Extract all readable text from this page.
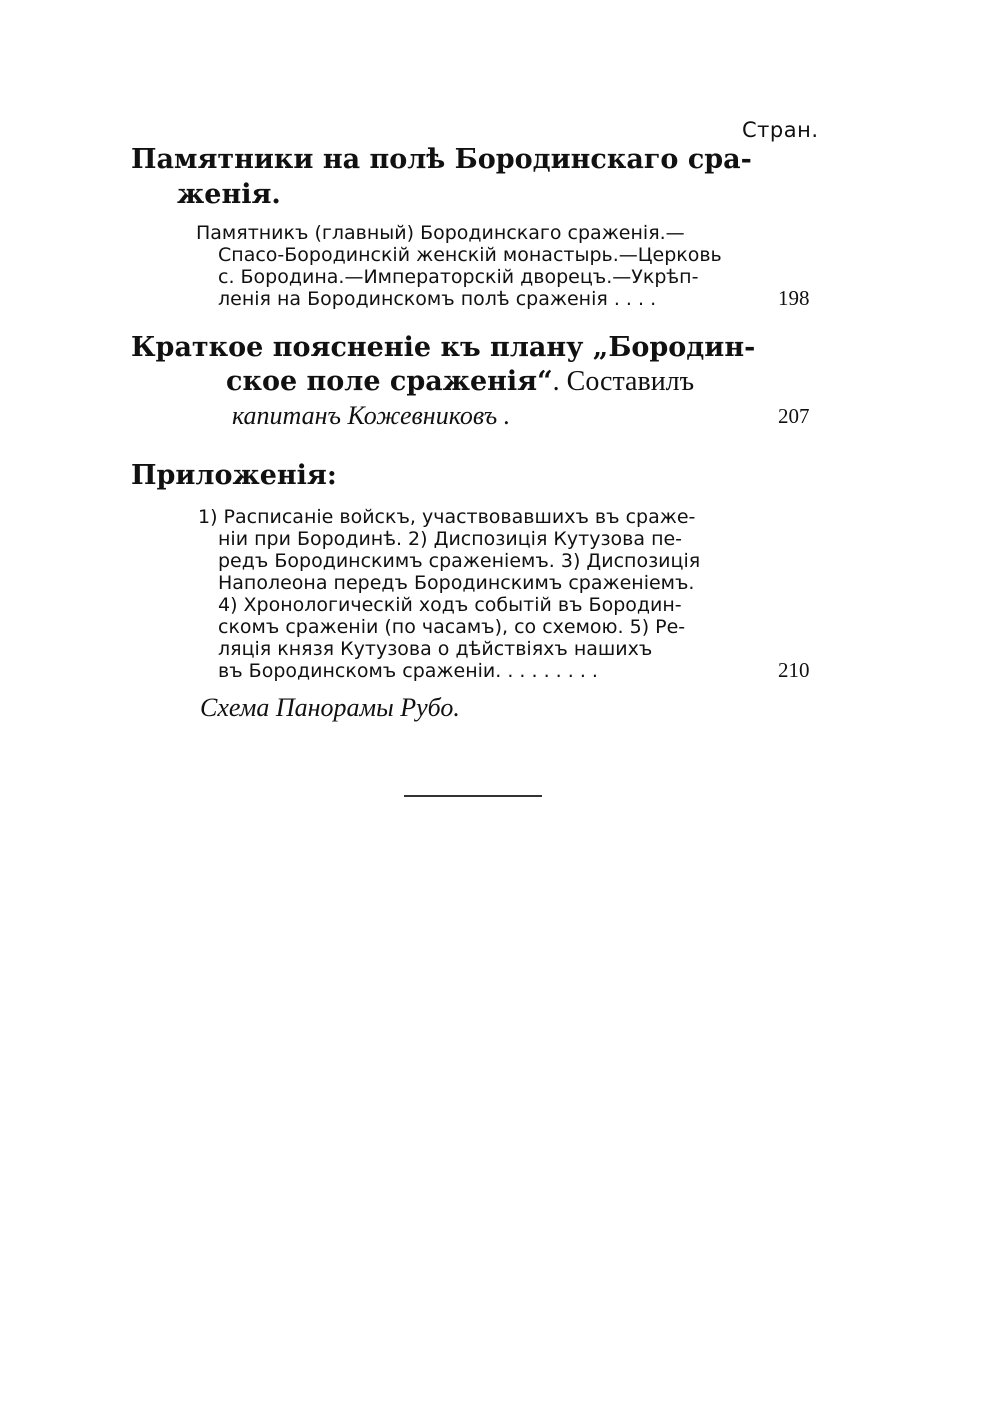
Стран.
Памятники на полѣ Бородинскаго сра-
женія.
Памятникъ (главный) Бородинскаго сраженія.—
Спасо-Бородинскій женскій монастырь.—Церковь
с. Бородина.—Императорскій дворецъ.—Укрѣп-
ленія на Бородинскомъ полѣ сраженія . . . .	198
Краткое поясненіе къ плану „Бородин-
ское поле сраженія“. Составилъ
капитанъ Кожевниковъ .	207
Приложенія:
1) Расписаніе войскъ, участвовавшихъ въ сраже-
ніи при Бородинѣ. 2) Диспозиція Кутузова пе-
редъ Бородинскимъ сраженіемъ. 3) Диспозиція
Наполеона передъ Бородинскимъ сраженіемъ.
4) Хронологическій ходъ событій въ Бородин-
скомъ сраженіи (по часамъ), со схемою. 5) Ре-
ляція князя Кутузова о дѣйствіяхъ нашихъ
въ Бородинскомъ сраженіи. . . . . . . . .	210
Схема Панорамы Рубо.
